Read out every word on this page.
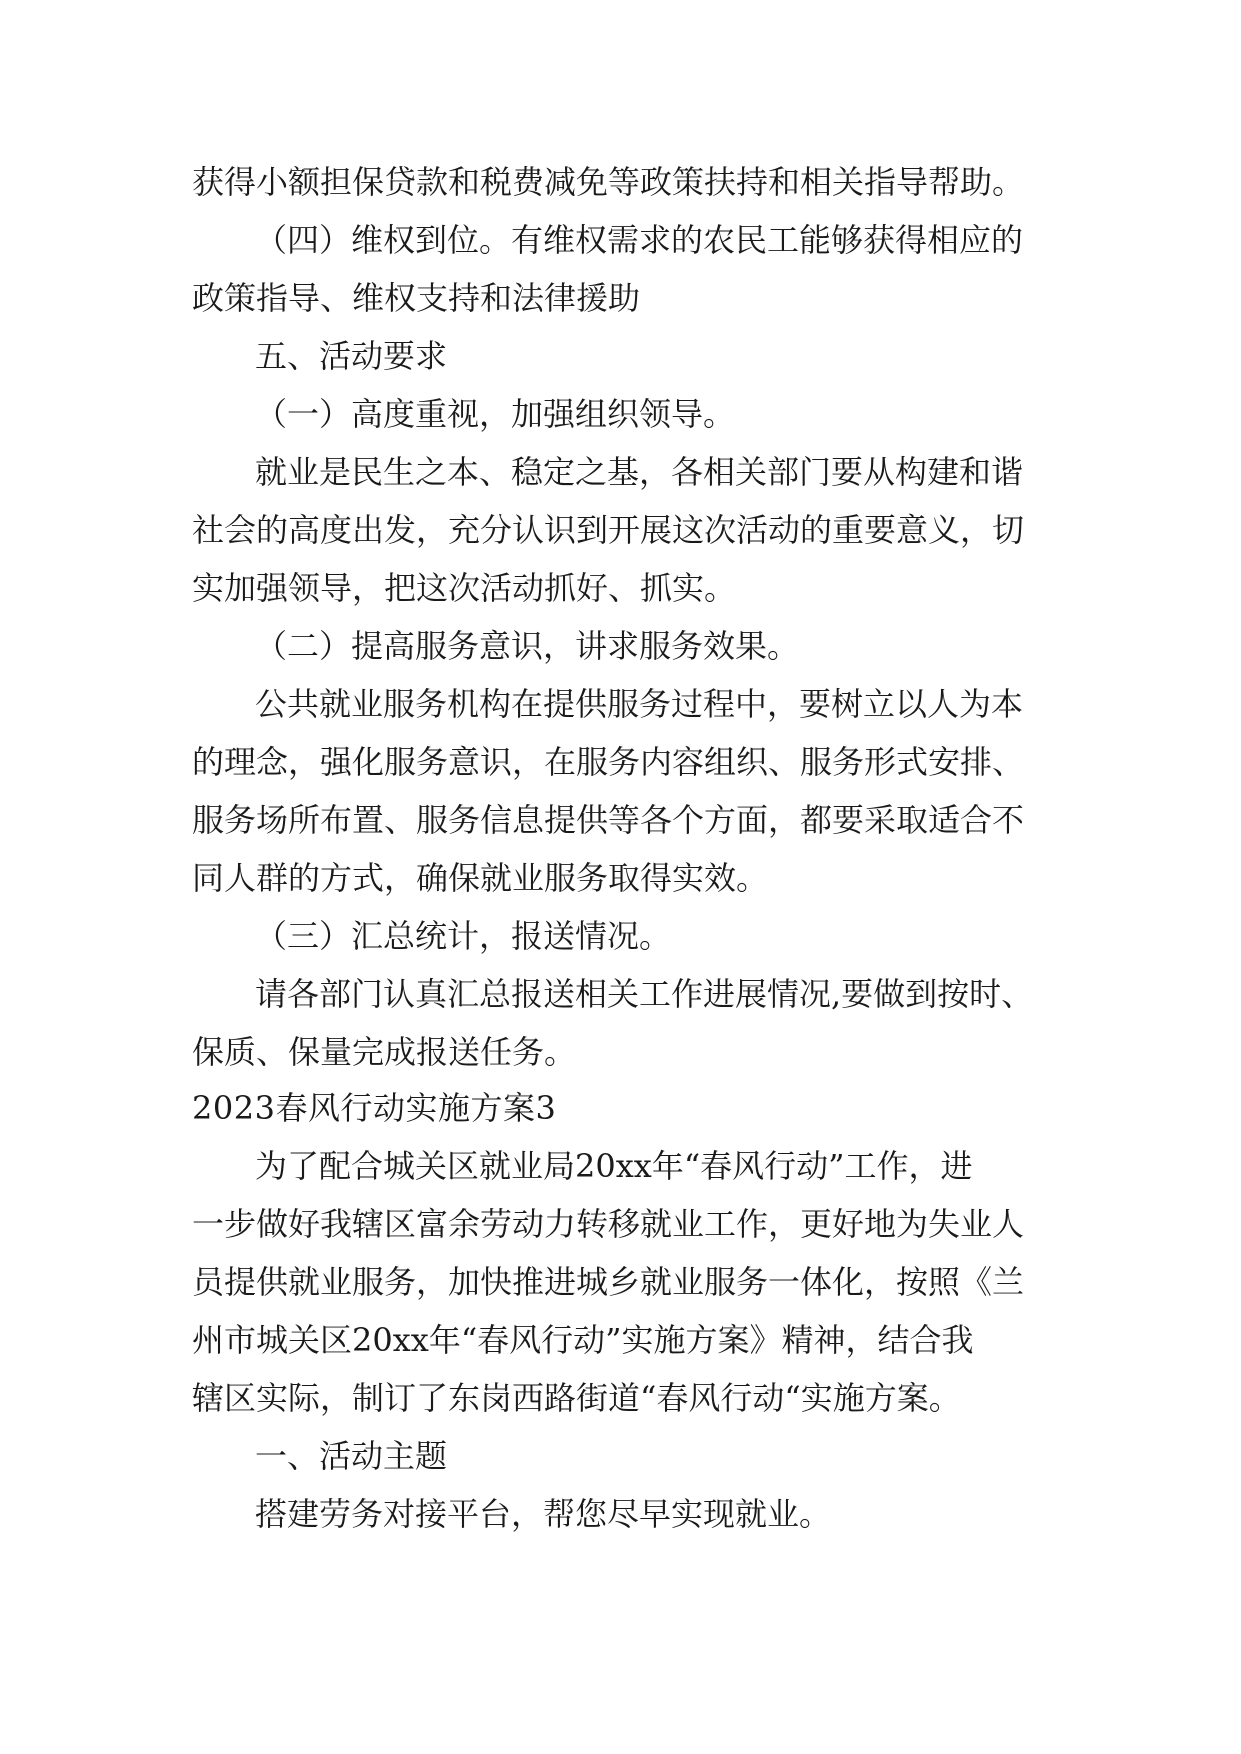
获得小额担保贷款和税费减免等政策扶持和相关指导帮助。
（四）维权到位。有维权需求的农民工能够获得相应的
政策指导、维权支持和法律援助
五、活动要求
（一）高度重视，加强组织领导。
就业是民生之本、稳定之基，各相关部门要从构建和谐
社会的高度出发，充分认识到开展这次活动的重要意义，切
实加强领导，把这次活动抓好、抓实。
（二）提高服务意识，讲求服务效果。
公共就业服务机构在提供服务过程中，要树立以人为本
的理念，强化服务意识，在服务内容组织、服务形式安排、
服务场所布置、服务信息提供等各个方面，都要采取适合不
同人群的方式，确保就业服务取得实效。
（三）汇总统计，报送情况。
请各部门认真汇总报送相关工作进展情况,要做到按时、
保质、保量完成报送任务。
2023春风行动实施方案3
为了配合城关区就业局20xx年“春风行动”工作，进
一步做好我辖区富余劳动力转移就业工作，更好地为失业人
员提供就业服务，加快推进城乡就业服务一体化，按照《兰
州市城关区20xx年“春风行动”实施方案》精神，结合我
辖区实际，制订了东岗西路街道“春风行动“实施方案。
一、活动主题
搭建劳务对接平台，帮您尽早实现就业。
